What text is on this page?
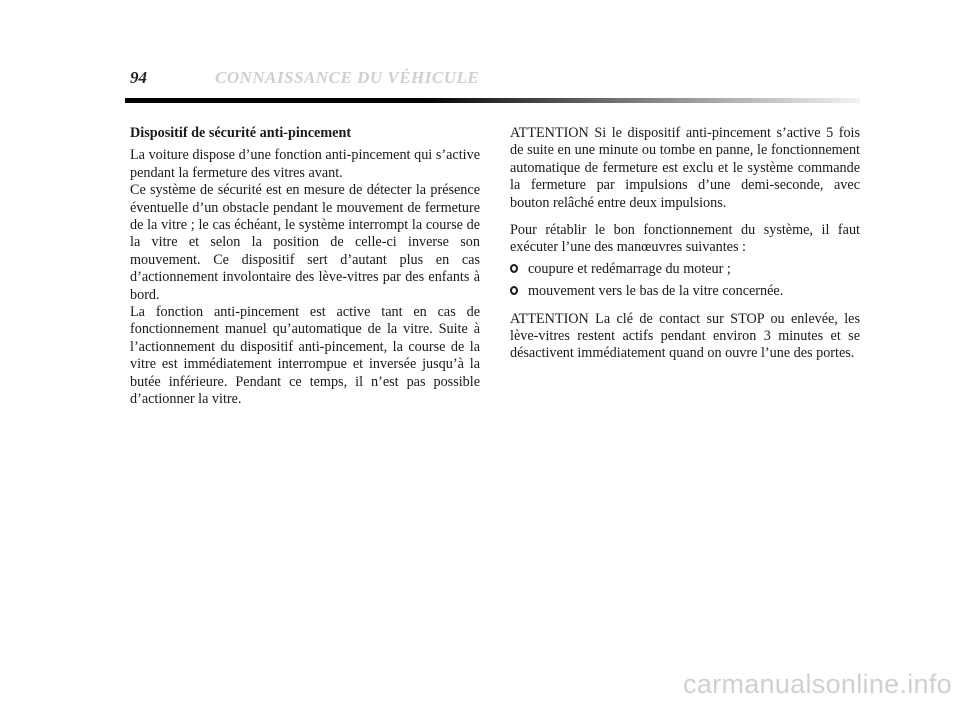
94	CONNAISSANCE DU VÉHICULE

Dispositif de sécurité anti-pincement

La voiture dispose d’une fonction anti-pincement qui s’active pendant la fermeture des vitres avant.

Ce système de sécurité est en mesure de détecter la présence éventuelle d’un obstacle pendant le mouvement de fermeture de la vitre ; le cas échéant, le système interrompt la course de la vitre et selon la position de celle-ci inverse son mouvement. Ce dispositif sert d’autant plus en cas d’actionnement involontaire des lève-vitres par des enfants à bord.

La fonction anti-pincement est active tant en cas de fonctionnement manuel qu’automatique de la vitre. Suite à l’actionnement du dispositif anti-pincement, la course de la vitre est immédiatement interrompue et inversée jusqu’à la butée inférieure. Pendant ce temps, il n’est pas possible d’actionner la vitre.

ATTENTION Si le dispositif anti-pincement s’active 5 fois de suite en une minute ou tombe en panne, le fonctionnement automatique de fermeture est exclu et le système commande la fermeture par impulsions d’une demi-seconde, avec bouton relâché entre deux impulsions.

Pour rétablir le bon fonctionnement du système, il faut exécuter l’une des manœuvres suivantes :

coupure et redémarrage du moteur ;
mouvement vers le bas de la vitre concernée.

ATTENTION La clé de contact sur STOP ou enlevée, les lève-vitres restent actifs pendant environ 3 minutes et se désactivent immédiatement quand on ouvre l’une des portes.

carmanualsonline.info
